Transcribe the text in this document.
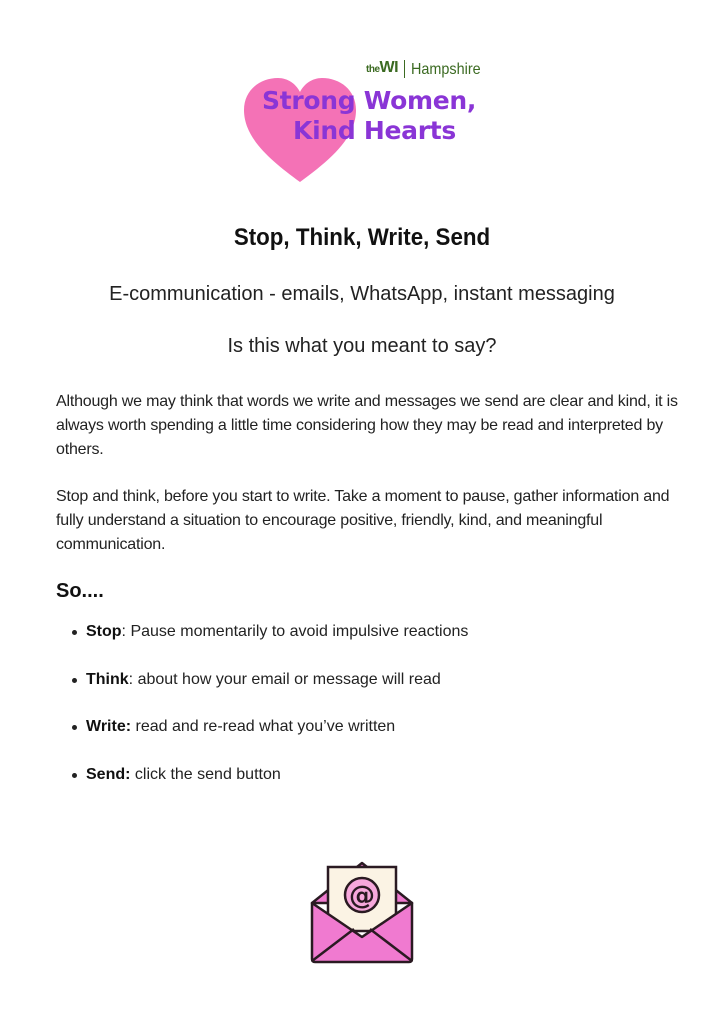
theWI Hampshire
Strong Women,
Kind Hearts
Stop, Think, Write, Send
E-communication - emails, WhatsApp, instant messaging
Is this what you meant to say?

Although we may think that words we write and messages we send are clear and kind, it is always worth spending a little time considering how they may be read and interpreted by others.

Stop and think, before you start to write. Take a moment to pause, gather information and fully understand a situation to encourage positive, friendly, kind, and meaningful communication.

So....
Stop: Pause momentarily to avoid impulsive reactions
Think: about how your email or message will read
Write: read and re-read what you’ve written
Send: click the send button
@
